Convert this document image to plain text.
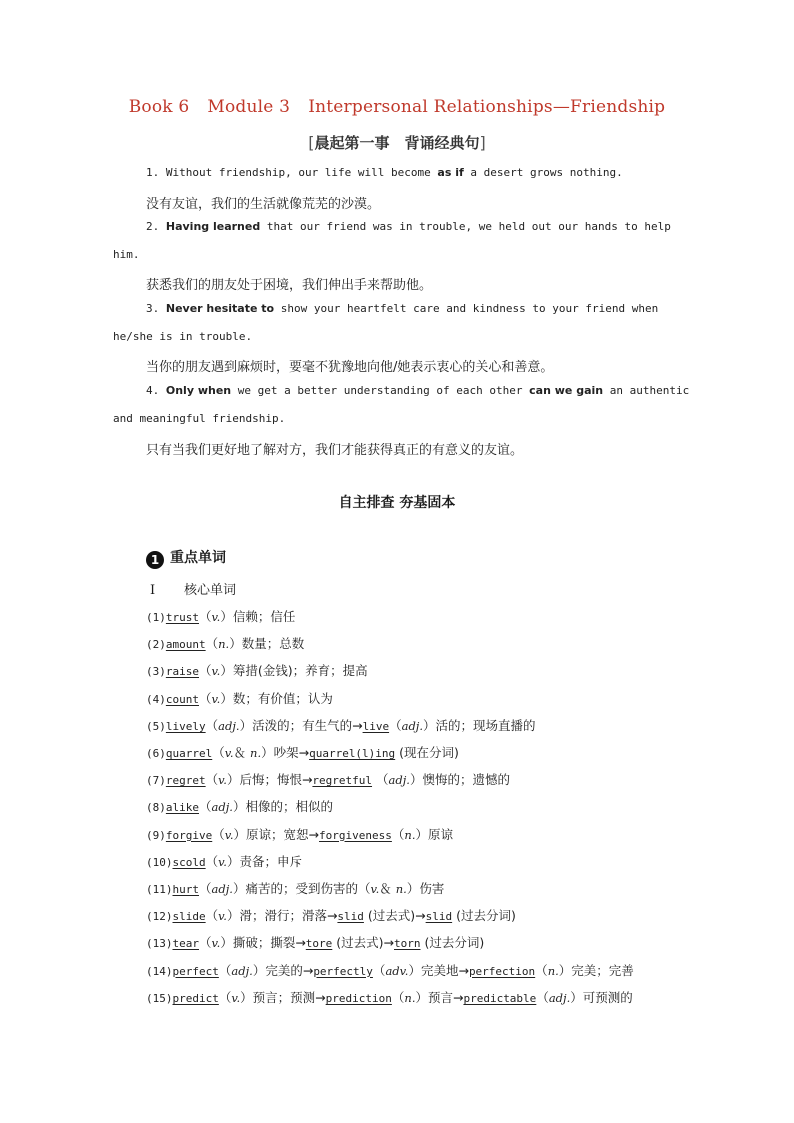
Book 6 Module 3 Interpersonal Relationships—Friendship
[晨起第一事　背诵经典句]
1. Without friendship, our life will become as if a desert grows nothing.
没有友谊，我们的生活就像荒芜的沙漠。
2. Having learned that our friend was in trouble, we held out our hands to help
him.
获悉我们的朋友处于困境，我们伸出手来帮助他。
3. Never hesitate to show your heartfelt care and kindness to your friend when
he/she is in trouble.
当你的朋友遇到麻烦时，要毫不犹豫地向他/她表示衷心的关心和善意。
4. Only when we get a better understanding of each other can we gain an authentic
and meaningful friendship.
只有当我们更好地了解对方，我们才能获得真正的有意义的友谊。
自主排查 夯基固本
1 重点单词
Ⅰ 核心单词
(1)trust（v.）信赖；信任
(2)amount（n.）数量；总数
(3)raise（v.）筹措(金钱)；养育；提高
(4)count（v.）数；有价值；认为
(5)lively（adj.）活泼的；有生气的→live（adj.）活的；现场直播的
(6)quarrel（v.＆ n.）吵架→quarrel(l)ing (现在分词)
(7)regret（v.）后悔；悔恨→regretful （adj.）懊悔的；遗憾的
(8)alike（adj.）相像的；相似的
(9)forgive（v.）原谅；宽恕→forgiveness（n.）原谅
(10)scold（v.）责备；申斥
(11)hurt（adj.）痛苦的；受到伤害的（v.＆ n.）伤害
(12)slide（v.）滑；滑行；滑落→slid (过去式)→slid (过去分词)
(13)tear（v.）撕破；撕裂→tore (过去式)→torn (过去分词)
(14)perfect（adj.）完美的→perfectly（adv.）完美地→perfection（n.）完美；完善
(15)predict（v.）预言；预测→prediction（n.）预言→predictable（adj.）可预测的
